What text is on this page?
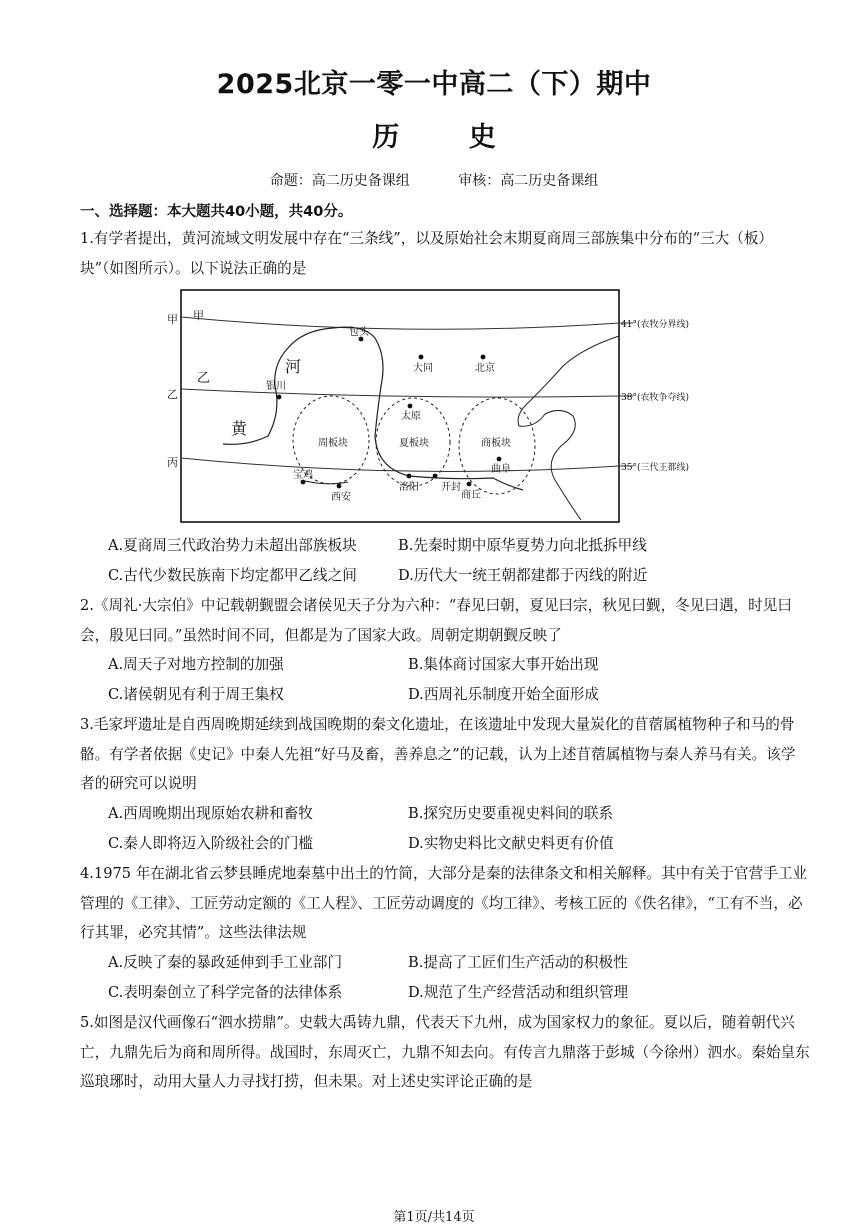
2025北京一零一中高二（下）期中
历 史
命题：高二历史备课组	审核：高二历史备课组
一、选择题：本大题共40小题，共40分。
1.有学者提出，黄河流域文明发展中存在“三条线”，以及原始社会末期夏商周三部族集中分布的“三大（板）块”（如图所示）。以下说法正确的是
甲 甲
乙
乙
丙
41°(农牧分界线)
38°(农牧争夺线)
35°(三代王都线)
河
黄
周板块	夏板块	商板块
包头
大同	北京
银川
太原
曲阜
宝鸡
西安
洛阳 开封
商丘
A.夏商周三代政治势力未超出部族板块	B.先秦时期中原华夏势力向北抵拆甲线
C.古代少数民族南下均定都甲乙线之间	D.历代大一统王朝都建都于丙线的附近
2.《周礼·大宗伯》中记载朝觐盟会诸侯见天子分为六种：“春见曰朝，夏见曰宗，秋见曰觐，冬见曰遇，时见曰会，殷见曰同。”虽然时间不同，但都是为了国家大政。周朝定期朝觐反映了
A.周天子对地方控制的加强	B.集体商讨国家大事开始出现
C.诸侯朝见有利于周王集权	D.西周礼乐制度开始全面形成
3.毛家坪遗址是自西周晚期延续到战国晚期的秦文化遗址，在该遗址中发现大量炭化的苜蓿属植物种子和马的骨骼。有学者依据《史记》中秦人先祖“好马及畜，善养息之”的记载，认为上述苜蓿属植物与秦人养马有关。该学者的研究可以说明
A.西周晚期出现原始农耕和畜牧	B.探究历史要重视史料间的联系
C.秦人即将迈入阶级社会的门槛	D.实物史料比文献史料更有价值
4.1975 年在湖北省云梦县睡虎地秦墓中出土的竹简，大部分是秦的法律条文和相关解释。其中有关于官营手工业管理的《工律》、工匠劳动定额的《工人程》、工匠劳动调度的《均工律》、考核工匠的《佚名律》，“工有不当，必行其罪，必究其情”。这些法律法规
A.反映了秦的暴政延伸到手工业部门	B.提高了工匠们生产活动的积极性
C.表明秦创立了科学完备的法律体系	D.规范了生产经营活动和组织管理
5.如图是汉代画像石“泗水捞鼎”。史载大禹铸九鼎，代表天下九州，成为国家权力的象征。夏以后，随着朝代兴亡，九鼎先后为商和周所得。战国时，东周灭亡，九鼎不知去向。有传言九鼎落于彭城（今徐州）泗水。秦始皇东巡琅琊时，动用大量人力寻找打捞，但未果。对上述史实评论正确的是
第1页/共14页
